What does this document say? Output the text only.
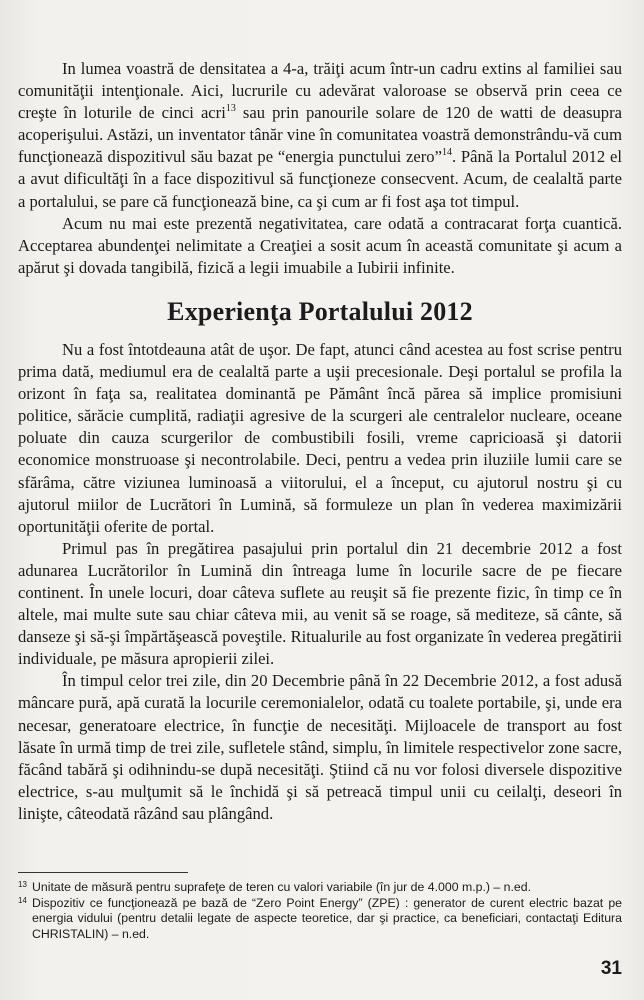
In lumea voastră de densitatea a 4-a, trăiţi acum într-un cadru extins al familiei sau comunităţii intenţionale. Aici, lucrurile cu adevărat valoroase se observă prin ceea ce creşte în loturile de cinci acri$^{13}$ sau prin panourile solare de 120 de watti de deasupra acoperişului. Astăzi, un inventator tânăr vine în comunitatea voastră demonstrându-vă cum funcţionează dispozitivul său bazat pe “energia punctului zero”$^{14}$. Până la Portalul 2012 el a avut dificultăţi în a face dispozitivul să funcţioneze consecvent. Acum, de cealaltă parte a portalului, se pare că funcţionează bine, ca şi cum ar fi fost aşa tot timpul.

Acum nu mai este prezentă negativitatea, care odată a contracarat forţa cuantică. Acceptarea abundenţei nelimitate a Creaţiei a sosit acum în această comunitate şi acum a apărut şi dovada tangibilă, fizică a legii imuabile a Iubirii infinite.

Experienţa Portalului 2012

Nu a fost întotdeauna atât de uşor. De fapt, atunci când acestea au fost scrise pentru prima dată, mediumul era de cealaltă parte a uşii precesionale. Deşi portalul se profila la orizont în faţa sa, realitatea dominantă pe Pământ încă părea să implice promisiuni politice, sărăcie cumplită, radiaţii agresive de la scurgeri ale centralelor nucleare, oceane poluate din cauza scurgerilor de combustibili fosili, vreme capricioasă şi datorii economice monstruoase şi necontrolabile. Deci, pentru a vedea prin iluziile lumii care se sfărâma, către viziunea luminoasă a viitorului, el a început, cu ajutorul nostru şi cu ajutorul miilor de Lucrători în Lumină, să formuleze un plan în vederea maximizării oportunităţii oferite de portal.

Primul pas în pregătirea pasajului prin portalul din 21 decembrie 2012 a fost adunarea Lucrătorilor în Lumină din întreaga lume în locurile sacre de pe fiecare continent. În unele locuri, doar câteva suflete au reuşit să fie prezente fizic, în timp ce în altele, mai multe sute sau chiar câteva mii, au venit să se roage, să mediteze, să cânte, să danseze şi să-şi împărtăşească poveştile. Ritualurile au fost organizate în vederea pregătirii individuale, pe măsura apropierii zilei.

În timpul celor trei zile, din 20 Decembrie până în 22 Decembrie 2012, a fost adusă mâncare pură, apă curată la locurile ceremonialelor, odată cu toalete portabile, şi, unde era necesar, generatoare electrice, în funcţie de necesităţi. Mijloacele de transport au fost lăsate în urmă timp de trei zile, sufletele stând, simplu, în limitele respectivelor zone sacre, făcând tabără şi odihnindu-se după necesităţi. Ştiind că nu vor folosi diversele dispozitive electrice, s-au mulţumit să le închidă şi să petreacă timpul unii cu ceilalţi, deseori în linişte, câteodată râzând sau plângând.

13 Unitate de măsură pentru suprafeţe de teren cu valori variabile (în jur de 4.000 m.p.) – n.ed.
14 Dispozitiv ce funcţionează pe bază de “Zero Point Energy” (ZPE) : generator de curent electric bazat pe energia vidului (pentru detalii legate de aspecte teoretice, dar şi practice, ca beneficiari, contactaţi Editura CHRISTALIN) – n.ed.
31
